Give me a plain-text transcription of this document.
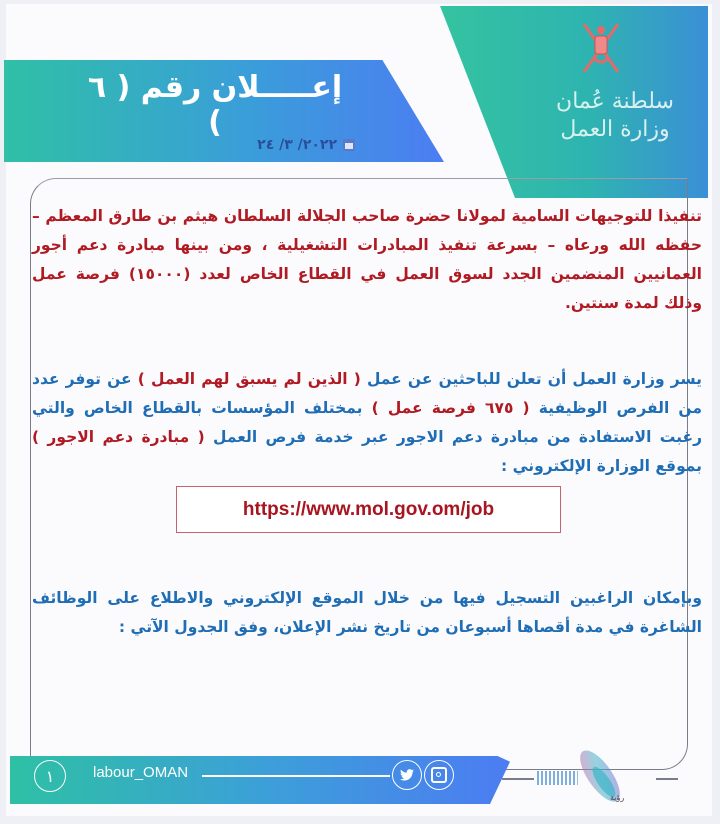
سلطنة عُمان
وزارة العمل
إعـــــلان رقم ( ٦ )
٢٠٢٢/ ٣/ ٢٤
تنفيذا للتوجيهات السامية لمولانا حضرة صاحب الجلالة السلطان هيثم بن طارق المعظم – حفظه الله ورعاه – بسرعة تنفيذ المبادرات التشغيلية ، ومن بينها مبادرة دعم أجور العمانيين المنضمين الجدد لسوق العمل في القطاع الخاص لعدد (١٥٠٠٠) فرصة عمل وذلك لمدة سنتين.
يسر وزارة العمل أن تعلن للباحثين عن عمل ( الذين لم يسبق لهم العمل ) عن توفر عدد من الفرص الوظيفية ( ٦٧٥ فرصة عمل ) بمختلف المؤسسات بالقطاع الخاص والتي رغبت الاستفادة من مبادرة دعم الاجور عبر خدمة فرص العمل ( مبادرة دعم الاجور ) بموقع الوزارة الإلكتروني :
https://www.mol.gov.om/job
وبإمكان الراغبين التسجيل فيها من خلال الموقع الإلكتروني والاطلاع على الوظائف الشاغرة في مدة أقصاها أسبوعان من تاريخ نشر الإعلان، وفق الجدول الآتي :
١	labour_OMAN
رؤية
